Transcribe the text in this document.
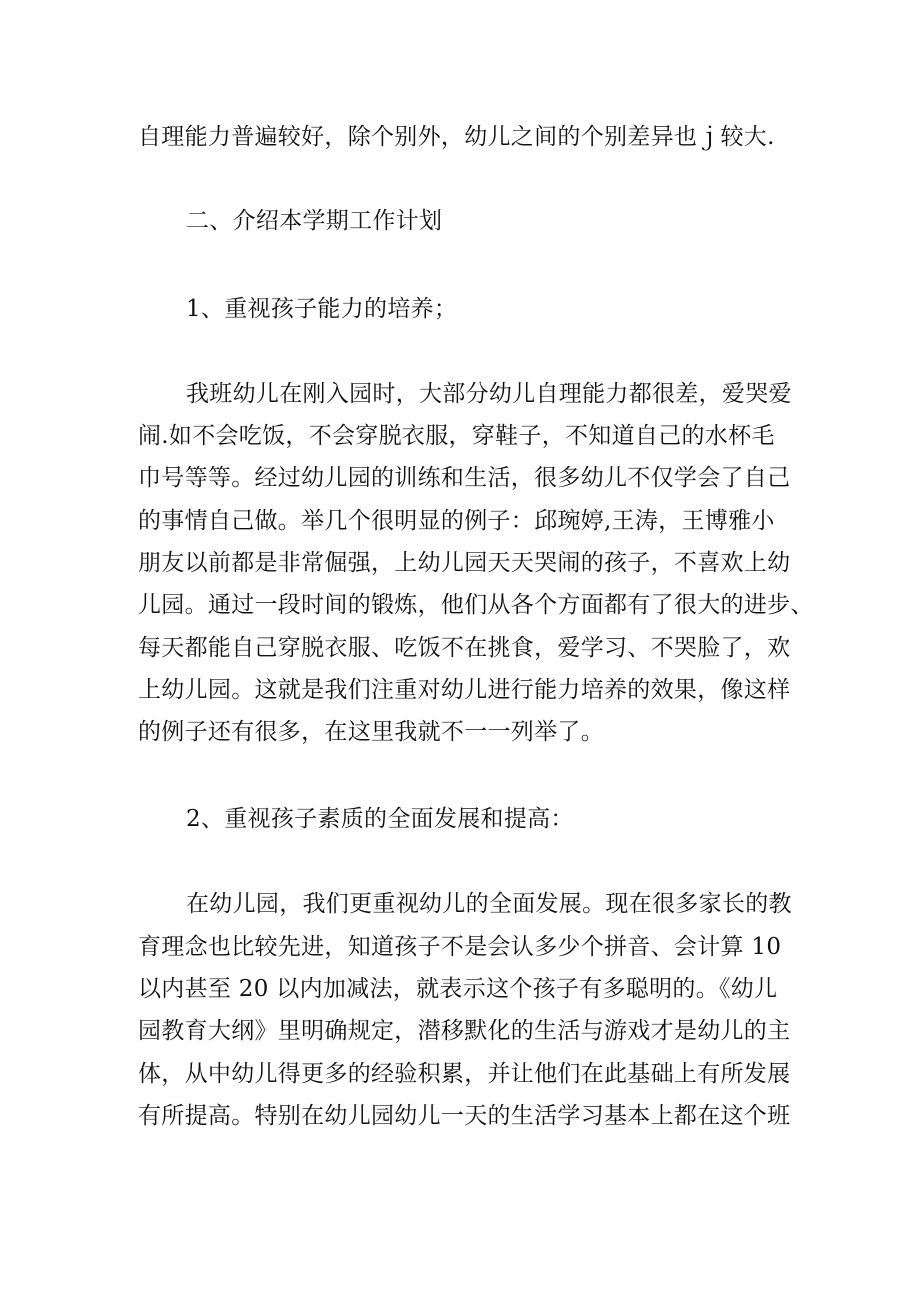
自理能力普遍较好，除个别外，幼儿之间的个别差异也ｊ较大.
二、介绍本学期工作计划
1、重视孩子能力的培养；
我班幼儿在刚入园时，大部分幼儿自理能力都很差，爱哭爱
闹.如不会吃饭，不会穿脱衣服，穿鞋子，不知道自己的水杯毛
巾号等等。经过幼儿园的训练和生活，很多幼儿不仅学会了自己
的事情自己做。举几个很明显的例子：邱琬婷,王涛，王博雅小
朋友以前都是非常倔强，上幼儿园天天哭闹的孩子，不喜欢上幼
儿园。通过一段时间的锻炼，他们从各个方面都有了很大的进步、
每天都能自己穿脱衣服、吃饭不在挑食，爱学习、不哭脸了，欢
上幼儿园。这就是我们注重对幼儿进行能力培养的效果，像这样
的例子还有很多，在这里我就不一一列举了。
2、重视孩子素质的全面发展和提高：
在幼儿园，我们更重视幼儿的全面发展。现在很多家长的教
育理念也比较先进，知道孩子不是会认多少个拼音、会计算 10
以内甚至 20 以内加减法，就表示这个孩子有多聪明的。《幼儿
园教育大纲》里明确规定，潜移默化的生活与游戏才是幼儿的主
体，从中幼儿得更多的经验积累，并让他们在此基础上有所发展
有所提高。特别在幼儿园幼儿一天的生活学习基本上都在这个班
